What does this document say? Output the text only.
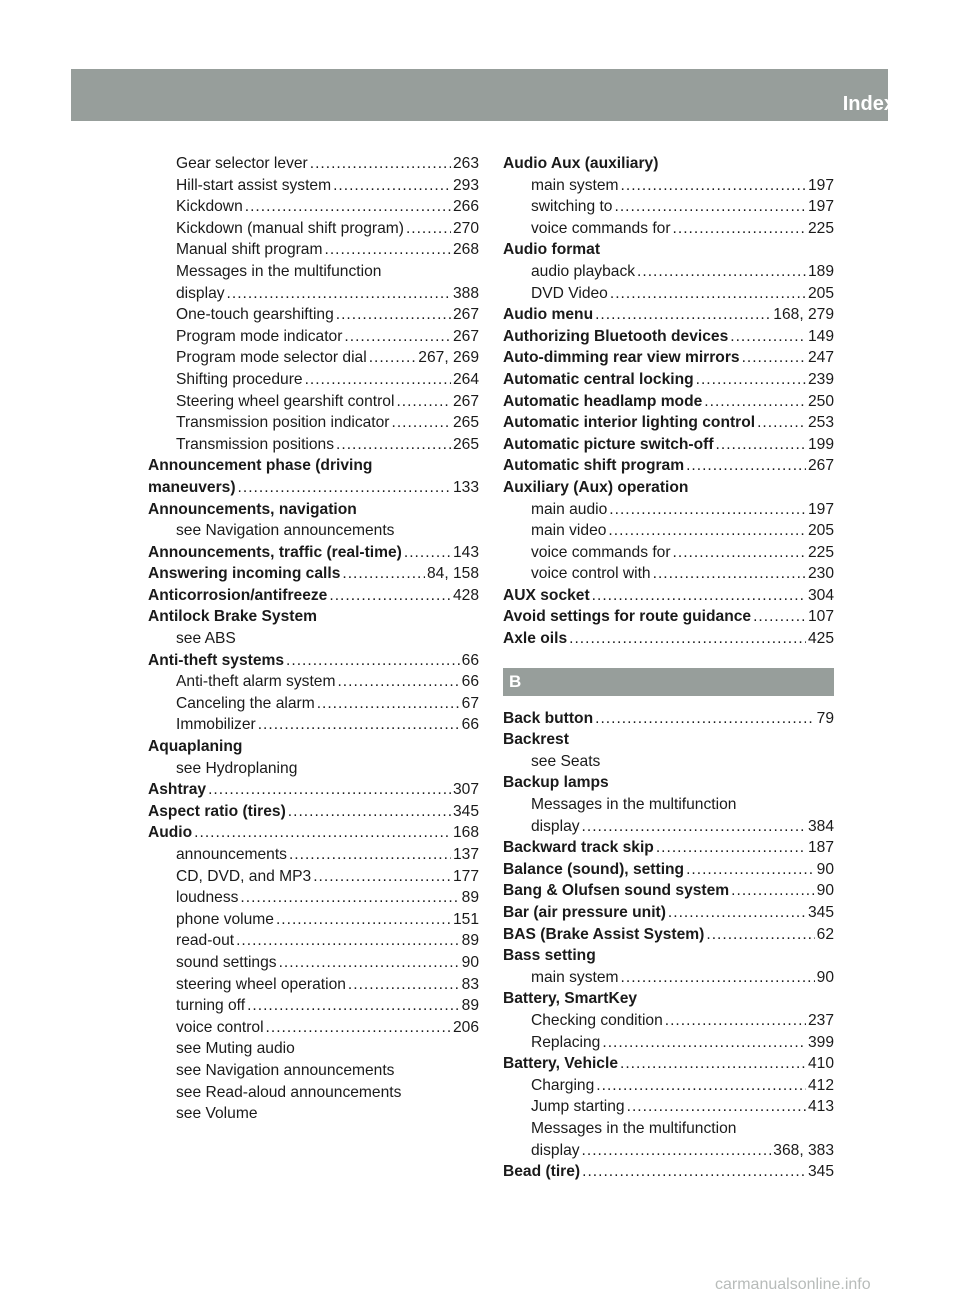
Index	5
Gear selector lever .....	263
Hill-start assist system .....	293
Kickdown .....	266
Kickdown (manual shift program) .....	270
Manual shift program .....	268
Messages in the multifunction
display .....	388
One-touch gearshifting .....	267
Program mode indicator .....	267
Program mode selector dial .....	267, 269
Shifting procedure .....	264
Steering wheel gearshift control .....	267
Transmission position indicator .....	265
Transmission positions .....	265
Announcement phase (driving
maneuvers) .....	133
Announcements, navigation
see Navigation announcements
Announcements, traffic (real-time) .....	143
Answering incoming calls .....	84, 158
Anticorrosion/antifreeze .....	428
Antilock Brake System
see ABS
Anti-theft systems .....	66
Anti-theft alarm system .....	66
Canceling the alarm .....	67
Immobilizer .....	66
Aquaplaning
see Hydroplaning
Ashtray .....	307
Aspect ratio (tires) .....	345
Audio .....	168
announcements .....	137
CD, DVD, and MP3 .....	177
loudness .....	89
phone volume .....	151
read-out .....	89
sound settings .....	90
steering wheel operation .....	83
turning off .....	89
voice control .....	206
see Muting audio
see Navigation announcements
see Read-aloud announcements
see Volume
Audio Aux (auxiliary)
main system .....	197
switching to .....	197
voice commands for .....	225
Audio format
audio playback .....	189
DVD Video .....	205
Audio menu .....	168, 279
Authorizing Bluetooth devices .....	149
Auto-dimming rear view mirrors .....	247
Automatic central locking .....	239
Automatic headlamp mode .....	250
Automatic interior lighting control .....	253
Automatic picture switch-off .....	199
Automatic shift program .....	267
Auxiliary (Aux) operation
main audio .....	197
main video .....	205
voice commands for .....	225
voice control with .....	230
AUX socket .....	304
Avoid settings for route guidance .....	107
Axle oils .....	425
B
Back button .....	79
Backrest
see Seats
Backup lamps
Messages in the multifunction
display .....	384
Backward track skip .....	187
Balance (sound), setting .....	90
Bang & Olufsen sound system .....	90
Bar (air pressure unit) .....	345
BAS (Brake Assist System) .....	62
Bass setting
main system .....	90
Battery, SmartKey
Checking condition .....	237
Replacing .....	399
Battery, Vehicle .....	410
Charging .....	412
Jump starting .....	413
Messages in the multifunction
display .....	368, 383
Bead (tire) .....	345
carmanualsonline.info
